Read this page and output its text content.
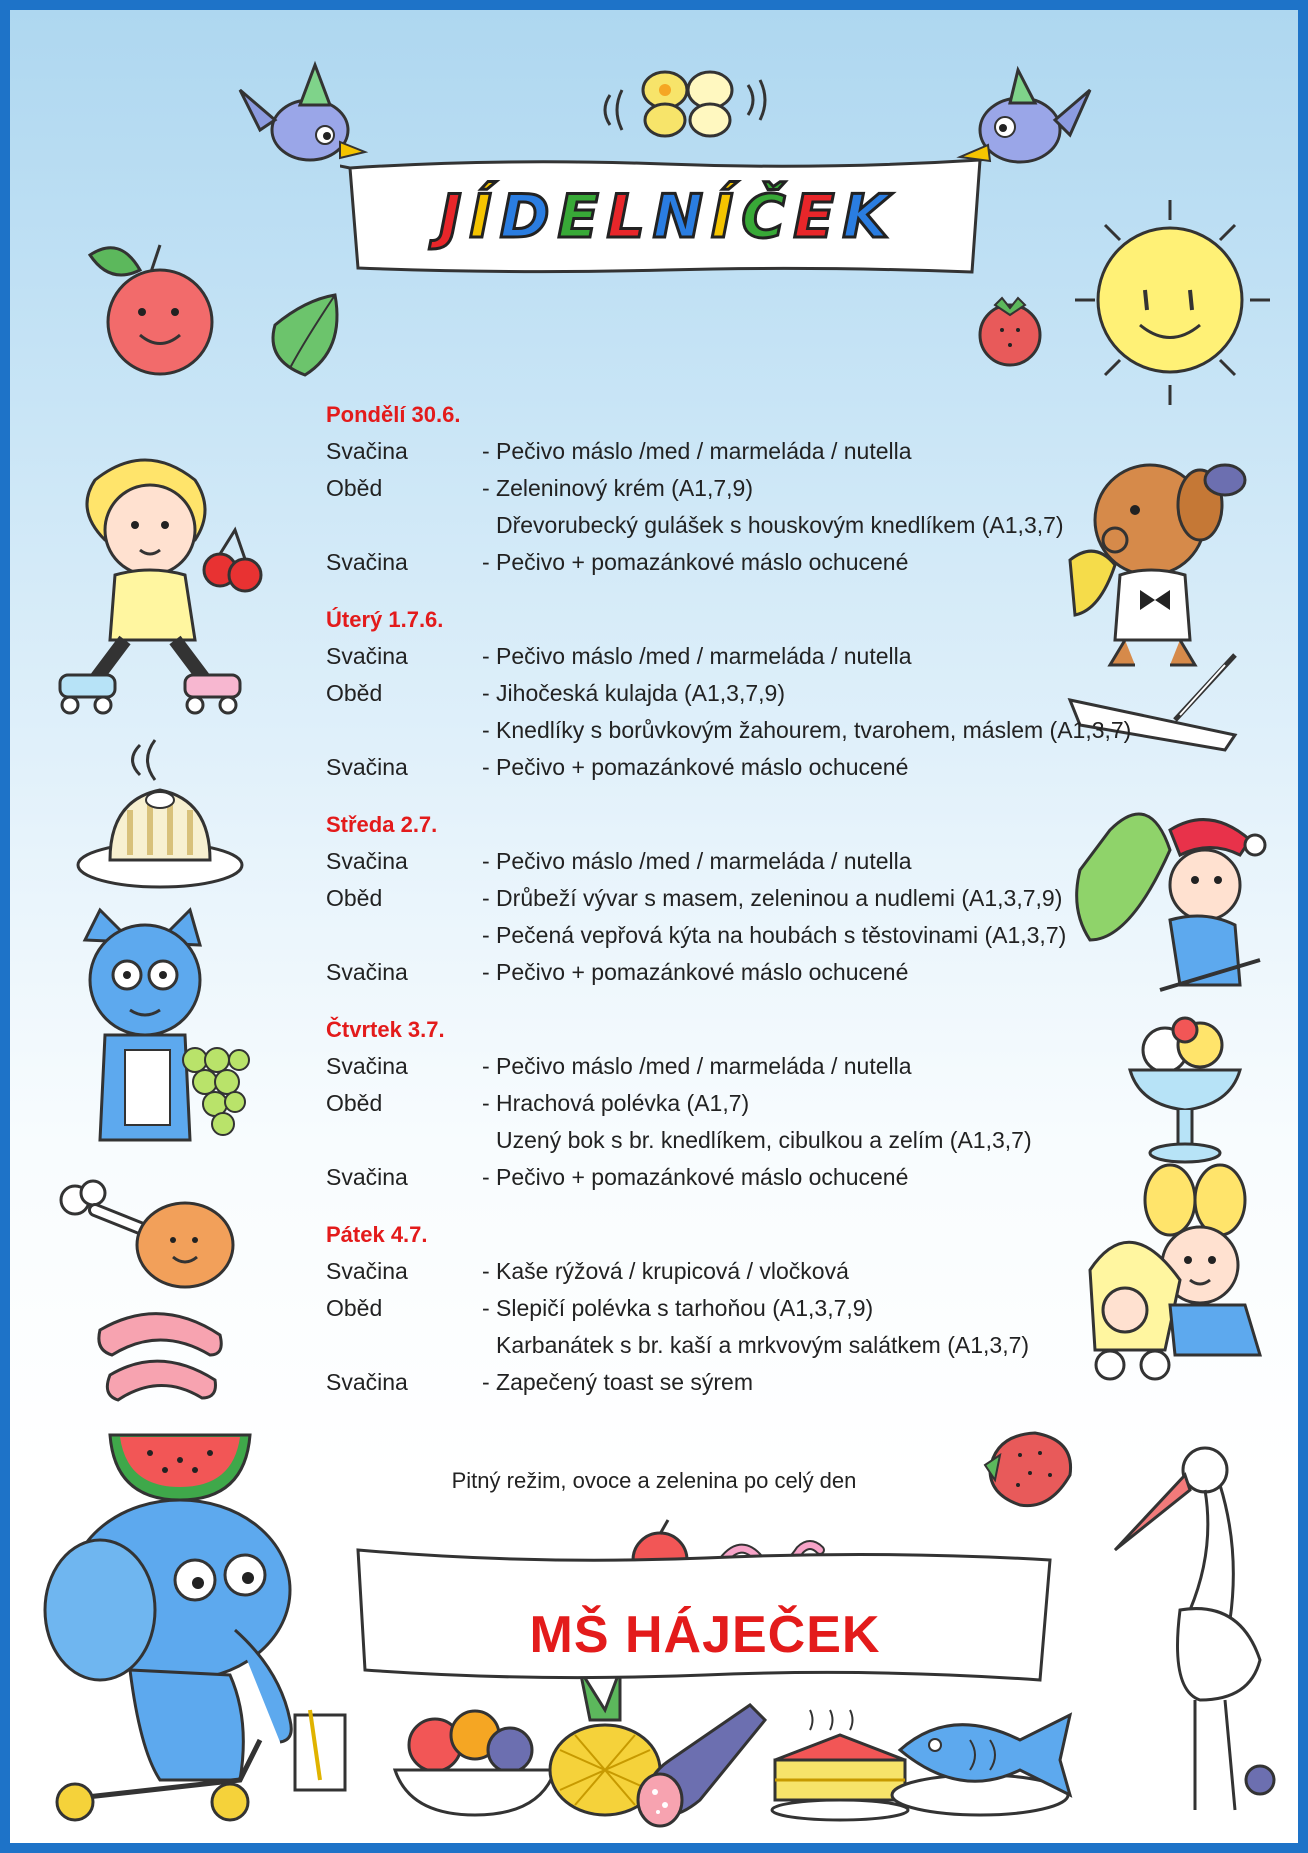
J Í D E L N Í Č E K
Pondělí 30.6.
Svačina	- Pečivo máslo /med / marmeláda / nutella
Oběd	- Zeleninový krém (A1,7,9)
Dřevorubecký gulášek s houskovým knedlíkem (A1,3,7)
Svačina	- Pečivo + pomazánkové máslo ochucené
Úterý 1.7.6.
Svačina	- Pečivo máslo /med / marmeláda / nutella
Oběd	- Jihočeská kulajda (A1,3,7,9)
- Knedlíky s borůvkovým žahourem, tvarohem, máslem (A1,3,7)
Svačina	- Pečivo + pomazánkové máslo ochucené
Středa 2.7.
Svačina	- Pečivo máslo /med / marmeláda / nutella
Oběd	- Drůbeží vývar s masem, zeleninou a nudlemi (A1,3,7,9)
- Pečená vepřová kýta na houbách s těstovinami (A1,3,7)
Svačina	- Pečivo + pomazánkové máslo ochucené
Čtvrtek 3.7.
Svačina	- Pečivo máslo /med / marmeláda / nutella
Oběd	- Hrachová polévka (A1,7)
Uzený bok s br. knedlíkem, cibulkou a zelím (A1,3,7)
Svačina	- Pečivo + pomazánkové máslo ochucené
Pátek 4.7.
Svačina	- Kaše rýžová / krupicová / vločková
Oběd	- Slepičí polévka s tarhoňou (A1,3,7,9)
Karbanátek s br. kaší a mrkvovým salátkem (A1,3,7)
Svačina	- Zapečený toast se sýrem
Pitný režim, ovoce a zelenina po celý den
MŠ HÁJEČEK
